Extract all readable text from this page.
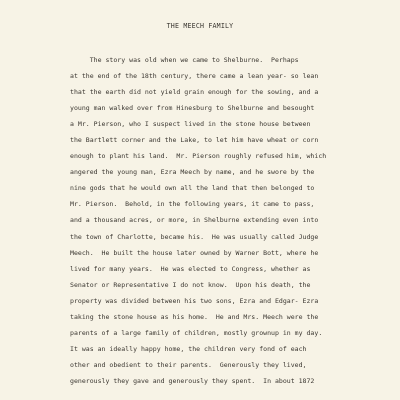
THE MEECH FAMILY
The story was old when we came to Shelburne.  Perhaps
at the end of the 18th century, there came a lean year- so lean
that the earth did not yield grain enough for the sowing, and a
young man walked over from Hinesburg to Shelburne and besought
a Mr. Pierson, who I suspect lived in the stone house between
the Bartlett corner and the Lake, to let him have wheat or corn
enough to plant his land.  Mr. Pierson roughly refused him, which
angered the young man, Ezra Meech by name, and he swore by the
nine gods that he would own all the land that then belonged to
Mr. Pierson.  Behold, in the following years, it came to pass,
and a thousand acres, or more, in Shelburne extending even into
the town of Charlotte, became his.  He was usually called Judge
Meech.  He built the house later owned by Warner Bott, where he
lived for many years.  He was elected to Congress, whether as
Senator or Representative I do not know.  Upon his death, the
property was divided between his two sons, Ezra and Edgar- Ezra
taking the stone house as his home.  He and Mrs. Meech were the
parents of a large family of children, mostly grownup in my day.
It was an ideally happy home, the children very fond of each
other and obedient to their parents.  Generously they lived,
generously they gave and generously they spent.  In about 1872
